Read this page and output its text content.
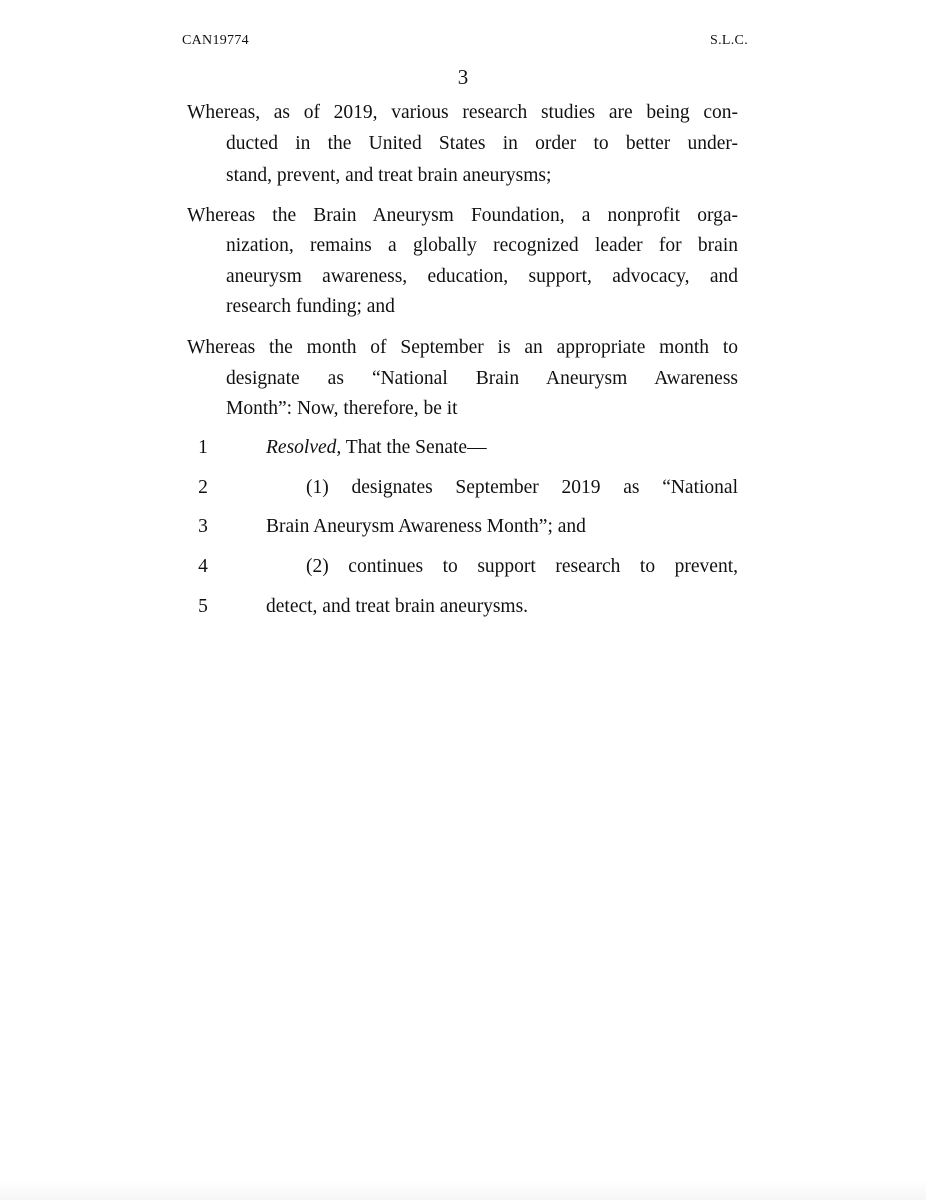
CAN19774	S.L.C.
3
Whereas, as of 2019, various research studies are being con-
ducted in the United States in order to better under-
stand, prevent, and treat brain aneurysms;
Whereas the Brain Aneurysm Foundation, a nonprofit orga-
nization, remains a globally recognized leader for brain
aneurysm awareness, education, support, advocacy, and
research funding; and
Whereas the month of September is an appropriate month to
designate as “National Brain Aneurysm Awareness
Month”: Now, therefore, be it
1	Resolved, That the Senate—
2	(1) designates September 2019 as “National
3	Brain Aneurysm Awareness Month”; and
4	(2) continues to support research to prevent,
5	detect, and treat brain aneurysms.
